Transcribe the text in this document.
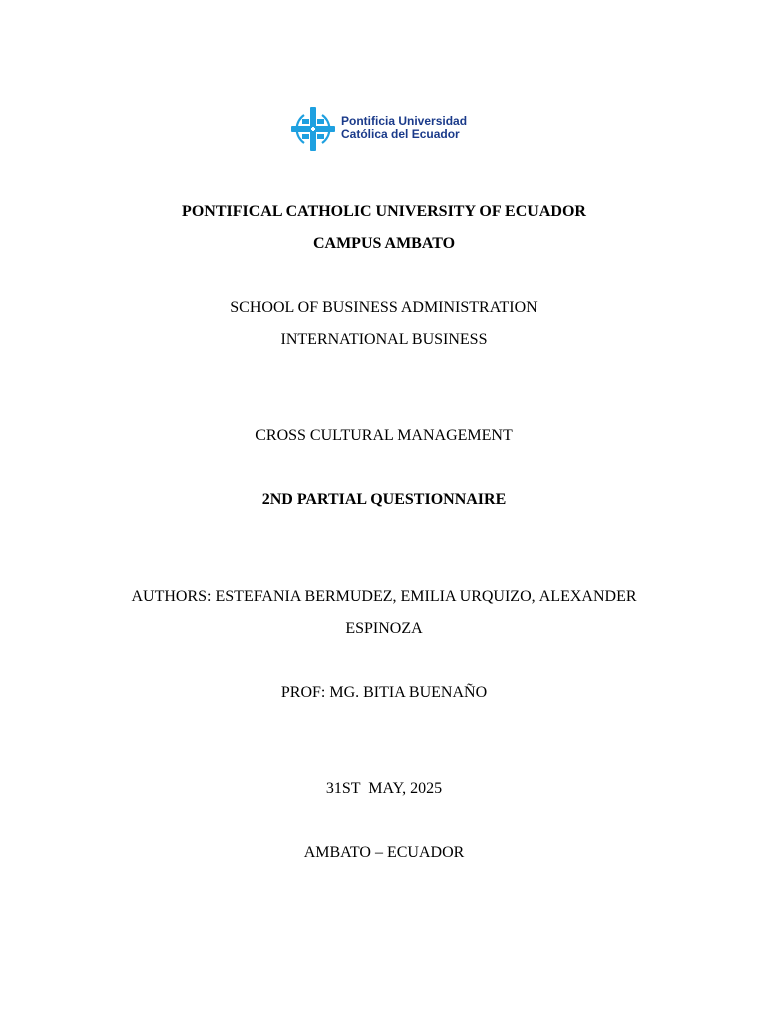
Pontificia Universidad
Católica del Ecuador
PONTIFICAL CATHOLIC UNIVERSITY OF ECUADOR
CAMPUS AMBATO
SCHOOL OF BUSINESS ADMINISTRATION
INTERNATIONAL BUSINESS
CROSS CULTURAL MANAGEMENT
2ND PARTIAL QUESTIONNAIRE
AUTHORS: ESTEFANIA BERMUDEZ, EMILIA URQUIZO, ALEXANDER
ESPINOZA
PROF: MG. BITIA BUENAÑO
31ST  MAY, 2025
AMBATO – ECUADOR
